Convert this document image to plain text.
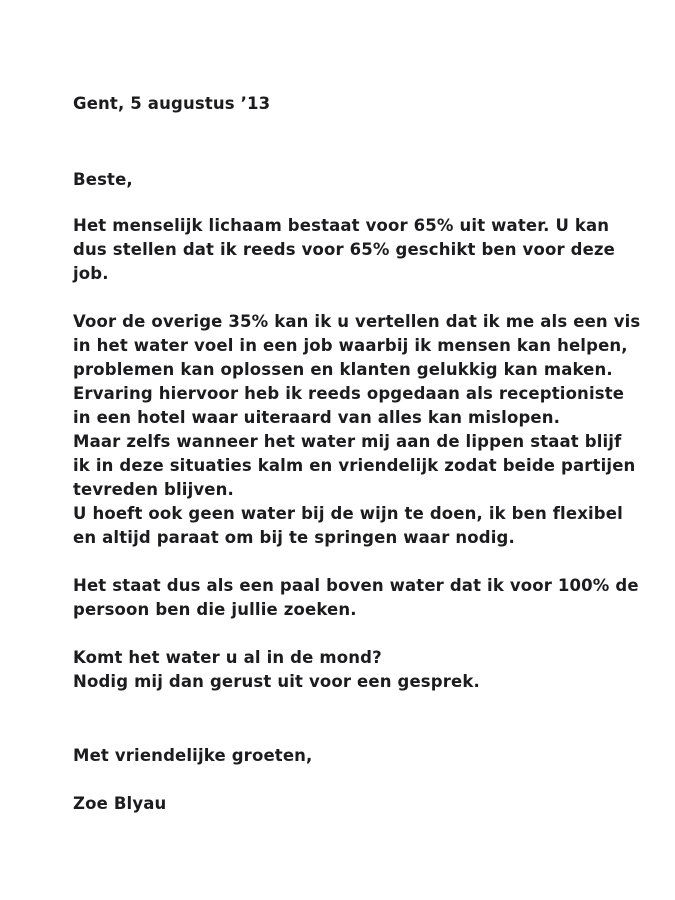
Gent, 5 augustus ’13
Beste,
Het menselijk lichaam bestaat voor 65% uit water. U kan
dus stellen dat ik reeds voor 65% geschikt ben voor deze
job.
Voor de overige 35% kan ik u vertellen dat ik me als een vis
in het water voel in een job waarbij ik mensen kan helpen,
problemen kan oplossen en klanten gelukkig kan maken.
Ervaring hiervoor heb ik reeds opgedaan als receptioniste
in een hotel waar uiteraard van alles kan mislopen.
Maar zelfs wanneer het water mij aan de lippen staat blijf
ik in deze situaties kalm en vriendelijk zodat beide partijen
tevreden blijven.
U hoeft ook geen water bij de wijn te doen, ik ben flexibel
en altijd paraat om bij te springen waar nodig.
Het staat dus als een paal boven water dat ik voor 100% de
persoon ben die jullie zoeken.
Komt het water u al in de mond?
Nodig mij dan gerust uit voor een gesprek.
Met vriendelijke groeten,
Zoe Blyau
